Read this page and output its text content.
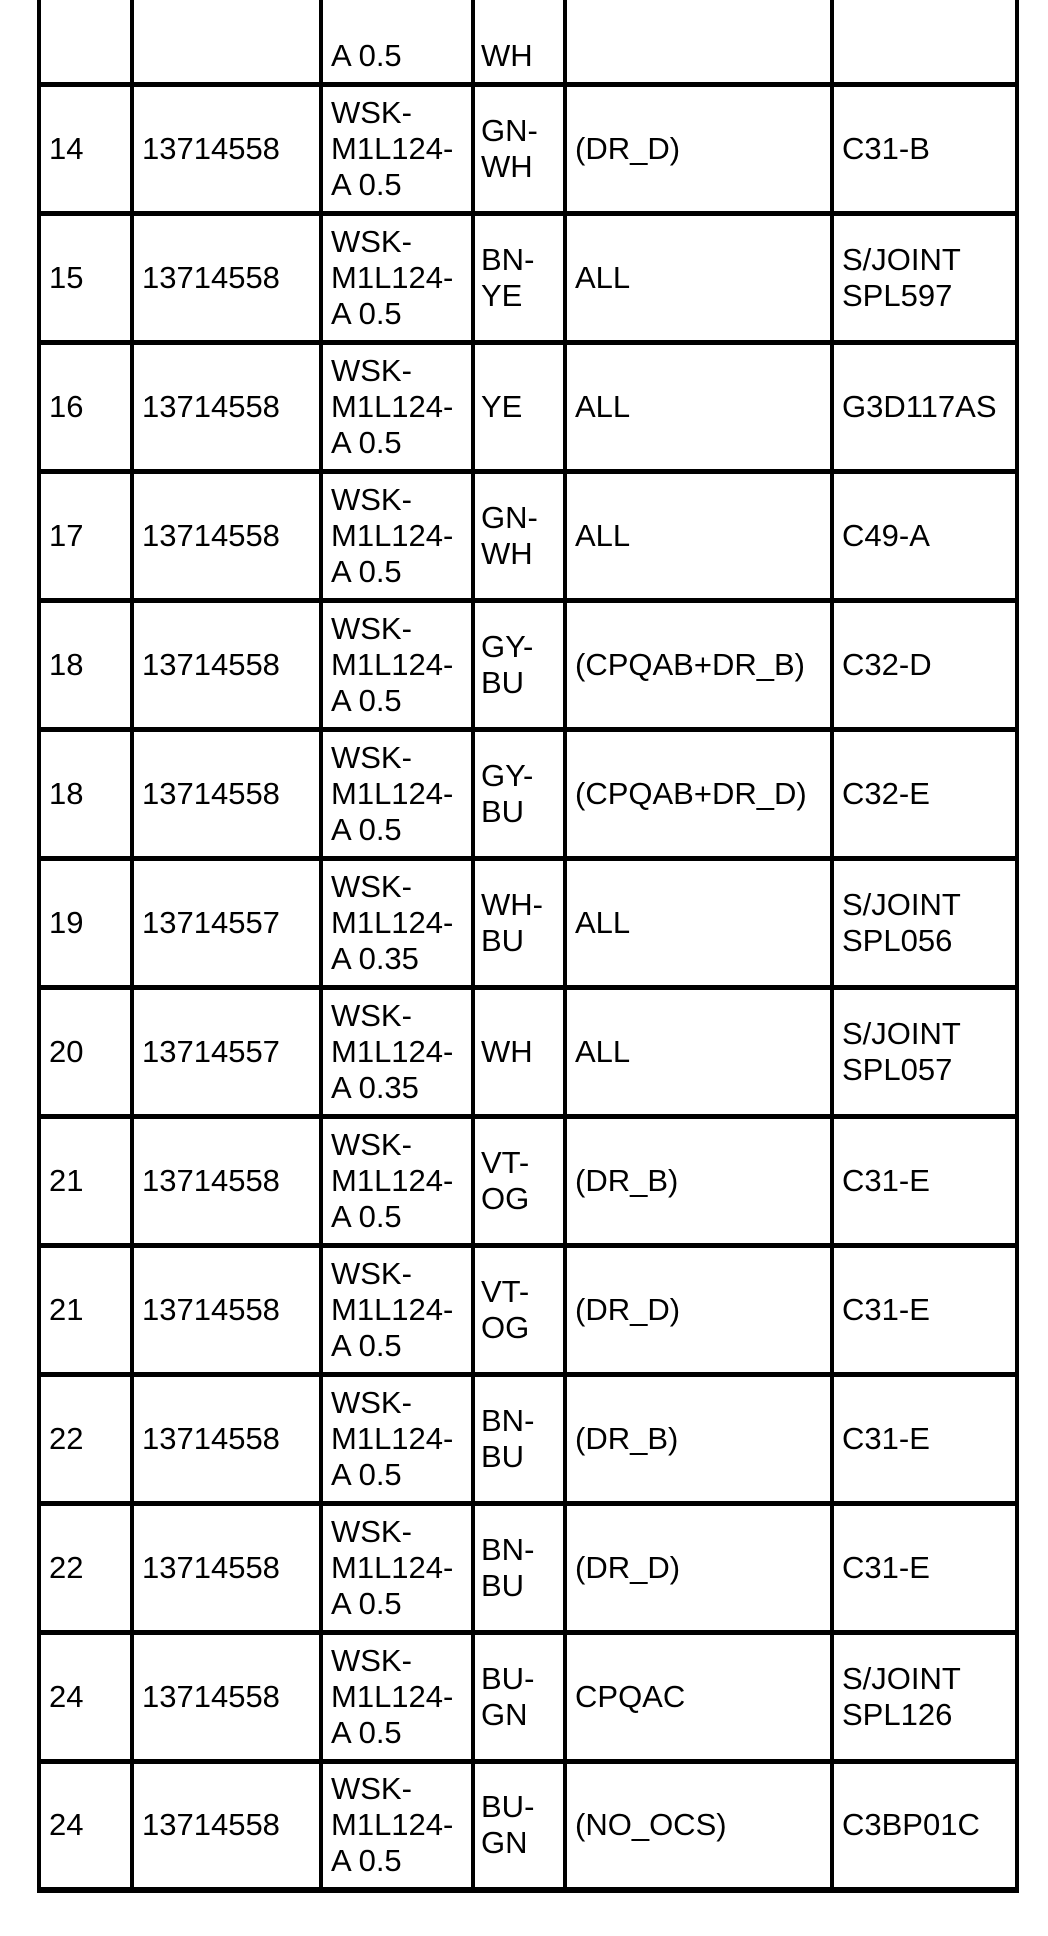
		A 0.5	WH		

14	13714558	WSK-
M1L124-
A 0.5	GN-
WH	(DR_D)	C31-B

15	13714558	WSK-
M1L124-
A 0.5	BN-
YE	ALL	S/JOINT
SPL597

16	13714558	WSK-
M1L124-
A 0.5	YE	ALL	G3D117AS

17	13714558	WSK-
M1L124-
A 0.5	GN-
WH	ALL	C49-A

18	13714558	WSK-
M1L124-
A 0.5	GY-
BU	(CPQAB+DR_B)	C32-D

18	13714558	WSK-
M1L124-
A 0.5	GY-
BU	(CPQAB+DR_D)	C32-E

19	13714557	WSK-
M1L124-
A 0.35	WH-
BU	ALL	S/JOINT
SPL056

20	13714557	WSK-
M1L124-
A 0.35	WH	ALL	S/JOINT
SPL057

21	13714558	WSK-
M1L124-
A 0.5	VT-
OG	(DR_B)	C31-E

21	13714558	WSK-
M1L124-
A 0.5	VT-
OG	(DR_D)	C31-E

22	13714558	WSK-
M1L124-
A 0.5	BN-
BU	(DR_B)	C31-E

22	13714558	WSK-
M1L124-
A 0.5	BN-
BU	(DR_D)	C31-E

24	13714558	WSK-
M1L124-
A 0.5	BU-
GN	CPQAC	S/JOINT
SPL126

24	13714558	WSK-
M1L124-
A 0.5	BU-
GN	(NO_OCS)	C3BP01C
